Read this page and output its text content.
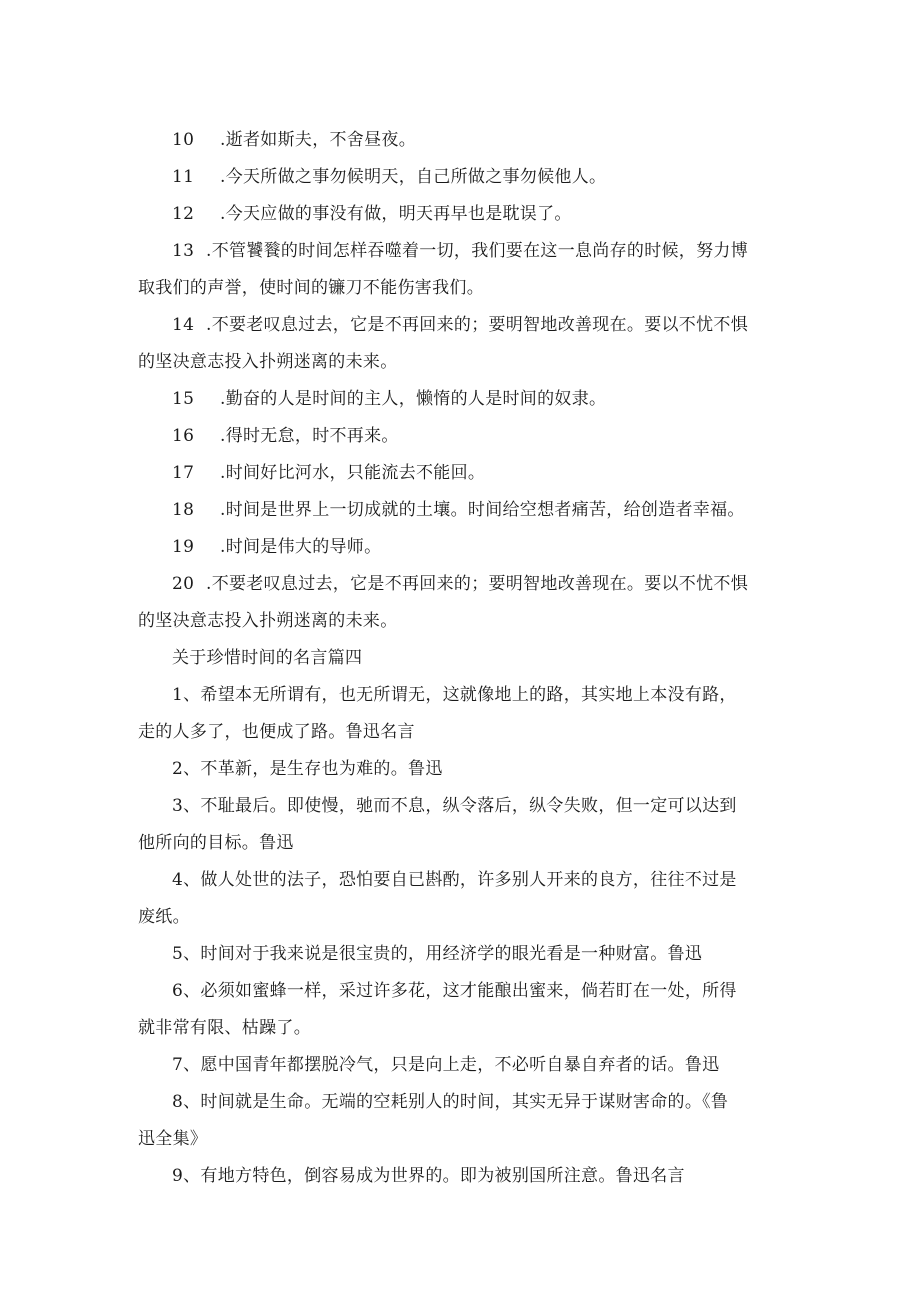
10 .逝者如斯夫，不舍昼夜。
11 .今天所做之事勿候明天，自己所做之事勿候他人。
12 .今天应做的事没有做，明天再早也是耽误了。
13 .不管饕餮的时间怎样吞噬着一切，我们要在这一息尚存的时候，努力博
取我们的声誉，使时间的镰刀不能伤害我们。
14 .不要老叹息过去，它是不再回来的；要明智地改善现在。要以不忧不惧
的坚决意志投入扑朔迷离的未来。
15 .勤奋的人是时间的主人，懒惰的人是时间的奴隶。
16 .得时无怠，时不再来。
17 .时间好比河水，只能流去不能回。
18 .时间是世界上一切成就的土壤。时间给空想者痛苦，给创造者幸福。
19 .时间是伟大的导师。
20 .不要老叹息过去，它是不再回来的；要明智地改善现在。要以不忧不惧
的坚决意志投入扑朔迷离的未来。
关于珍惜时间的名言篇四
1、希望本无所谓有，也无所谓无，这就像地上的路，其实地上本没有路，
走的人多了，也便成了路。鲁迅名言
2、不革新，是生存也为难的。鲁迅
3、不耻最后。即使慢，驰而不息，纵令落后，纵令失败，但一定可以达到
他所向的目标。鲁迅
4、做人处世的法子，恐怕要自已斟酌，许多别人开来的良方，往往不过是
废纸。
5、时间对于我来说是很宝贵的，用经济学的眼光看是一种财富。鲁迅
6、必须如蜜蜂一样，采过许多花，这才能酿出蜜来，倘若盯在一处，所得
就非常有限、枯躁了。
7、愿中国青年都摆脱冷气，只是向上走，不必听自暴自弃者的话。鲁迅
8、时间就是生命。无端的空耗别人的时间，其实无异于谋财害命的。《鲁
迅全集》
9、有地方特色，倒容易成为世界的。即为被别国所注意。鲁迅名言
